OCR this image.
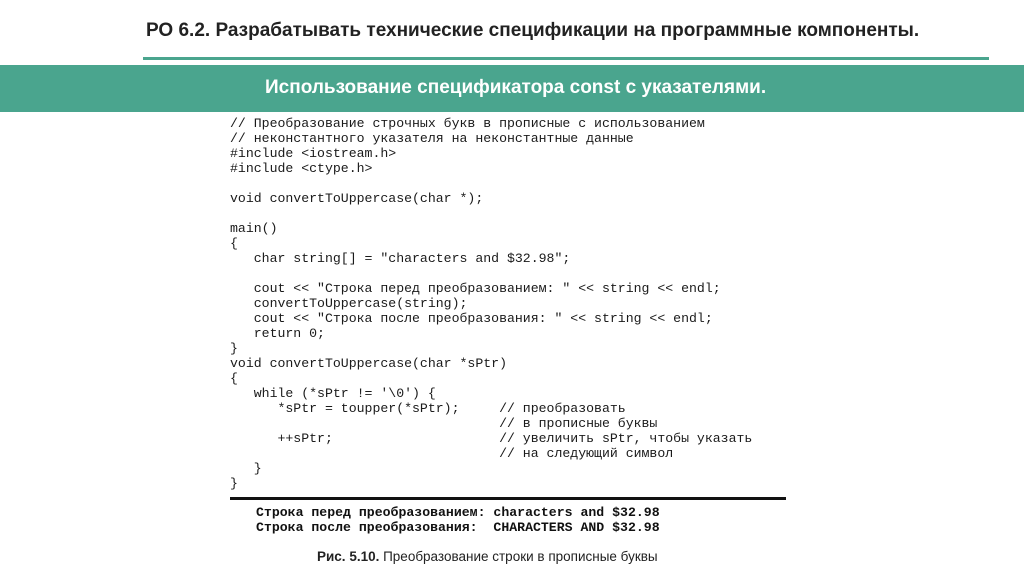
РО 6.2. Разрабатывать технические спецификации на программные компоненты.
Использование спецификатора const с указателями.
// Преобразование строчных букв в прописные с использованием
// неконстантного указателя на неконстантные данные
#include <iostream.h>
#include <ctype.h>
void convertToUppercase(char *);
main()
{
char string[] = "characters and $32.98";
cout << "Строка перед преобразованием: " << string << endl;
convertToUppercase(string);
cout << "Строка после преобразования: " << string << endl;
return 0;
}
void convertToUppercase(char *sPtr)
{
while (*sPtr != '\0') {
*sPtr = toupper(*sPtr);     // преобразовать
// в прописные буквы
++sPtr;                     // увеличить sPtr, чтобы указать
// на следующий символ
}
}
Строка перед преобразованием: characters and $32.98
Строка после преобразования:  CHARACTERS AND $32.98
Рис. 5.10. Преобразование строки в прописные буквы
